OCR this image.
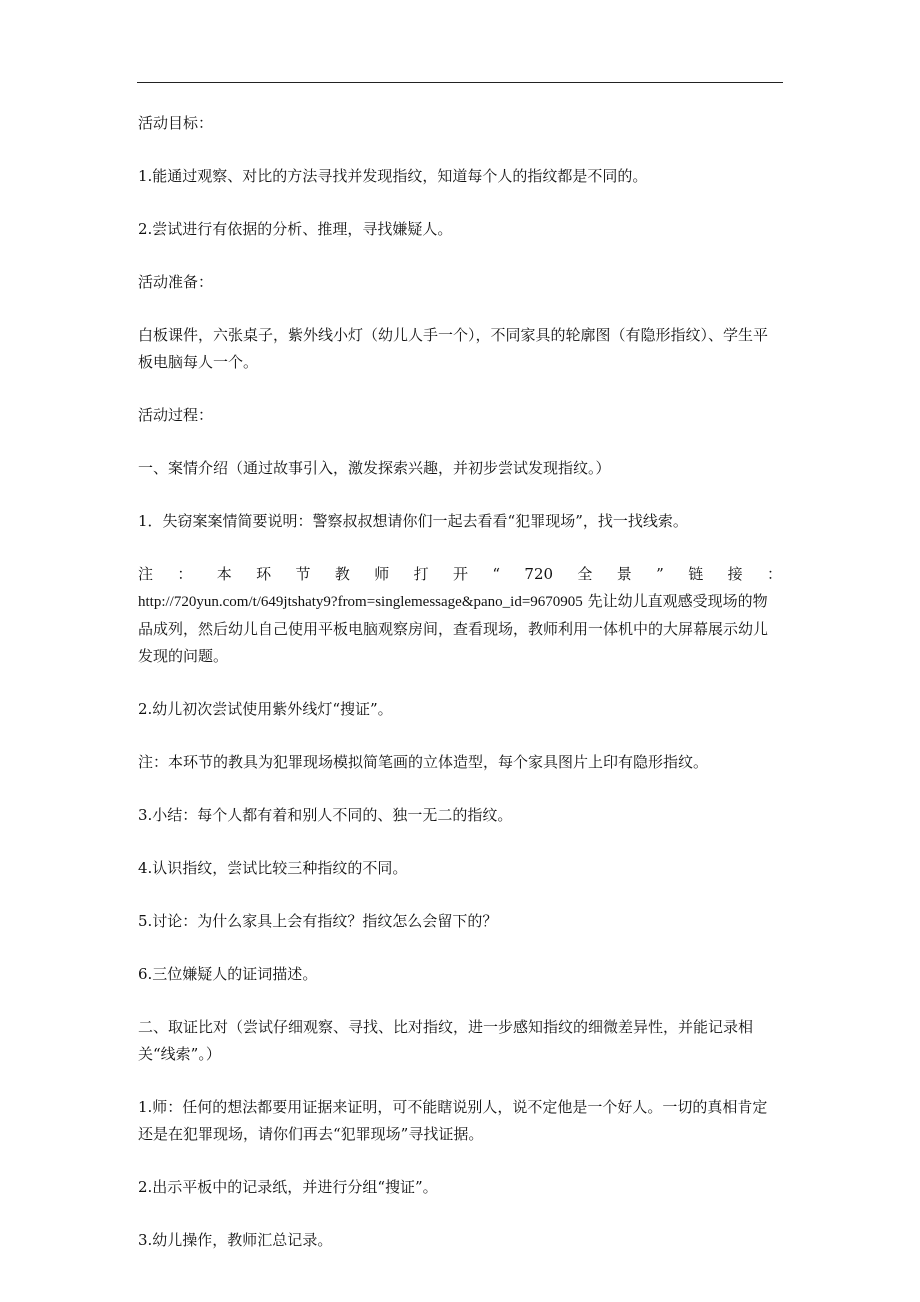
活动目标：

1.能通过观察、对比的方法寻找并发现指纹，知道每个人的指纹都是不同的。

2.尝试进行有依据的分析、推理，寻找嫌疑人。

活动准备：

白板课件，六张桌子，紫外线小灯（幼儿人手一个），不同家具的轮廓图（有隐形指纹）、学生平板电脑每人一个。

活动过程：

一、案情介绍（通过故事引入，激发探索兴趣，并初步尝试发现指纹。）

1．失窃案案情简要说明：警察叔叔想请你们一起去看看“犯罪现场”，找一找线索。

注 ： 本 环 节 教 师 打 开 “ 720 全 景 ” 链 接 ：
http://720yun.com/t/649jtshaty9?from=singlemessage&pano_id=9670905 先让幼儿直观感受现场的物品成列，然后幼儿自己使用平板电脑观察房间，查看现场，教师利用一体机中的大屏幕展示幼儿发现的问题。

2.幼儿初次尝试使用紫外线灯“搜证”。

注：本环节的教具为犯罪现场模拟简笔画的立体造型，每个家具图片上印有隐形指纹。

3.小结：每个人都有着和别人不同的、独一无二的指纹。

4.认识指纹，尝试比较三种指纹的不同。

5.讨论：为什么家具上会有指纹？指纹怎么会留下的？

6.三位嫌疑人的证词描述。

二、取证比对（尝试仔细观察、寻找、比对指纹，进一步感知指纹的细微差异性，并能记录相关“线索”。）

1.师：任何的想法都要用证据来证明，可不能瞎说别人，说不定他是一个好人。一切的真相肯定还是在犯罪现场，请你们再去“犯罪现场”寻找证据。

2.出示平板中的记录纸，并进行分组“搜证”。

3.幼儿操作，教师汇总记录。
